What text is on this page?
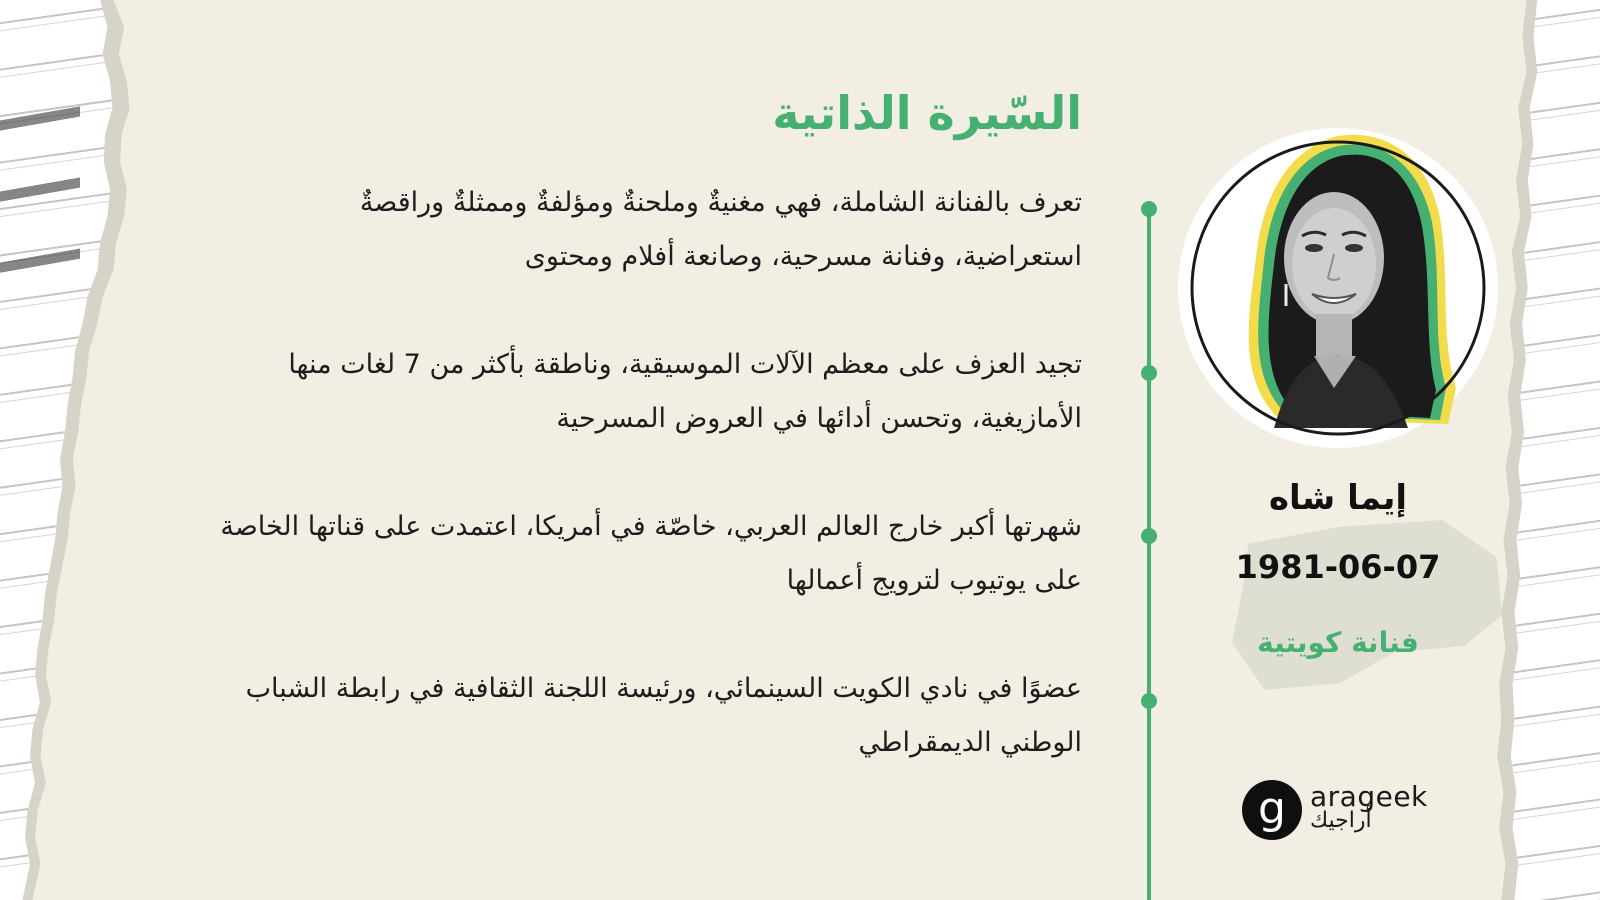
السّيرة الذاتية

تعرف بالفنانة الشاملة، فهي مغنيةٌ وملحنةٌ ومؤلفةٌ وممثلةٌ وراقصةٌ
استعراضية، وفنانة مسرحية، وصانعة أفلام ومحتوى

تجيد العزف على معظم الآلات الموسيقية، وناطقة بأكثر من 7 لغات منها
الأمازيغية، وتحسن أدائها في العروض المسرحية

شهرتها أكبر خارج العالم العربي، خاصّة في أمريكا، اعتمدت على قناتها الخاصة
على يوتيوب لترويج أعمالها

عضوًا في نادي الكويت السينمائي، ورئيسة اللجنة الثقافية في رابطة الشباب
الوطني الديمقراطي

إيما شاه

1981-06-07

فنانة كويتية

g arageek

أراجيك
